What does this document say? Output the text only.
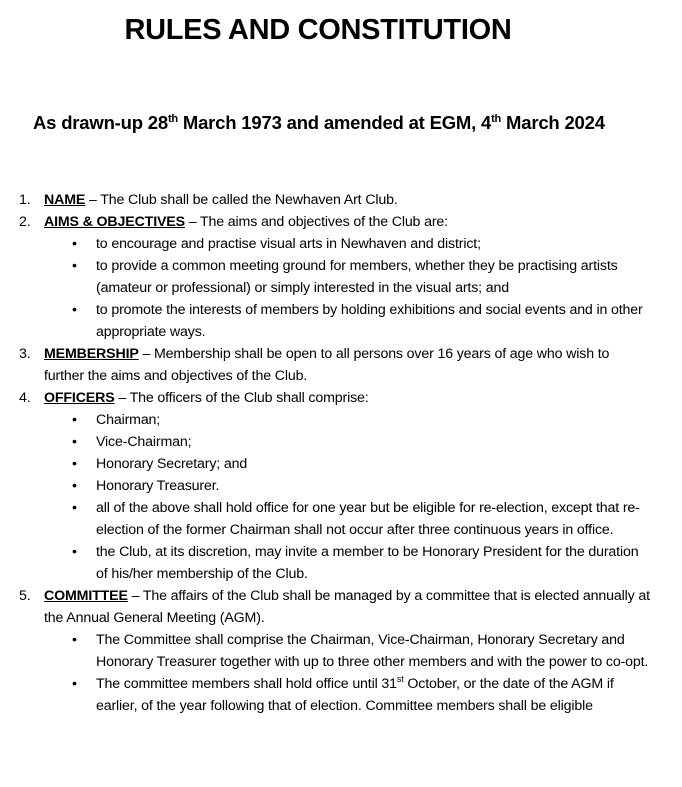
RULES AND CONSTITUTION
As drawn-up 28th March 1973 and amended at EGM, 4th March 2024
1. NAME – The Club shall be called the Newhaven Art Club.
2. AIMS & OBJECTIVES – The aims and objectives of the Club are:
• to encourage and practise visual arts in Newhaven and district;
• to provide a common meeting ground for members, whether they be practising artists (amateur or professional) or simply interested in the visual arts; and
• to promote the interests of members by holding exhibitions and social events and in other appropriate ways.
3. MEMBERSHIP – Membership shall be open to all persons over 16 years of age who wish to further the aims and objectives of the Club.
4. OFFICERS – The officers of the Club shall comprise:
• Chairman;
• Vice-Chairman;
• Honorary Secretary; and
• Honorary Treasurer.
• all of the above shall hold office for one year but be eligible for re-election, except that re-election of the former Chairman shall not occur after three continuous years in office.
• the Club, at its discretion, may invite a member to be Honorary President for the duration of his/her membership of the Club.
5. COMMITTEE – The affairs of the Club shall be managed by a committee that is elected annually at the Annual General Meeting (AGM).
• The Committee shall comprise the Chairman, Vice-Chairman, Honorary Secretary and Honorary Treasurer together with up to three other members and with the power to co-opt.
• The committee members shall hold office until 31st October, or the date of the AGM if earlier, of the year following that of election. Committee members shall be eligible
